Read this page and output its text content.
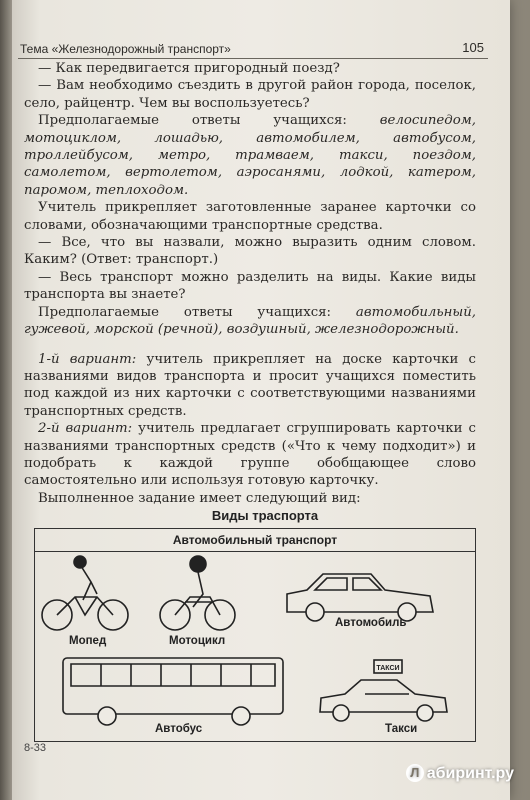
Тема «Железнодорожный транспорт»	105

— Как передвигается пригородный поезд?

— Вам необходимо съездить в другой район города, поселок, село, райцентр. Чем вы воспользуетесь?

Предполагаемые ответы учащихся: велосипедом, мотоциклом, лошадью, автомобилем, автобусом, троллейбусом, метро, трамваем, такси, поездом, самолетом, вертолетом, аэросанями, лодкой, катером, паромом, теплоходом.

Учитель прикрепляет заготовленные заранее карточки со словами, обозначающими транспортные средства.

— Все, что вы назвали, можно выразить одним словом. Каким? (Ответ: транспорт.)

— Весь транспорт можно разделить на виды. Какие виды транспорта вы знаете?

Предполагаемые ответы учащихся: автомобильный, гужевой, морской (речной), воздушный, железнодорожный.

1-й вариант: учитель прикрепляет на доске карточки с названиями видов транспорта и просит учащихся поместить под каждой из них карточки с соответствующими названиями транспортных средств.

2-й вариант: учитель предлагает сгруппировать карточки с названиями транспортных средств («Что к чему подходит») и подобрать к каждой группе обобщающее слово самостоятельно или используя готовую карточку.

Выполненное задание имеет следующий вид:

Виды траспорта
Автомобильный транспорт
ТАКСИ
Мопед	Мотоцикл
Автомобиль
Автобус	Такси
8-33
Л абиринт.ру
